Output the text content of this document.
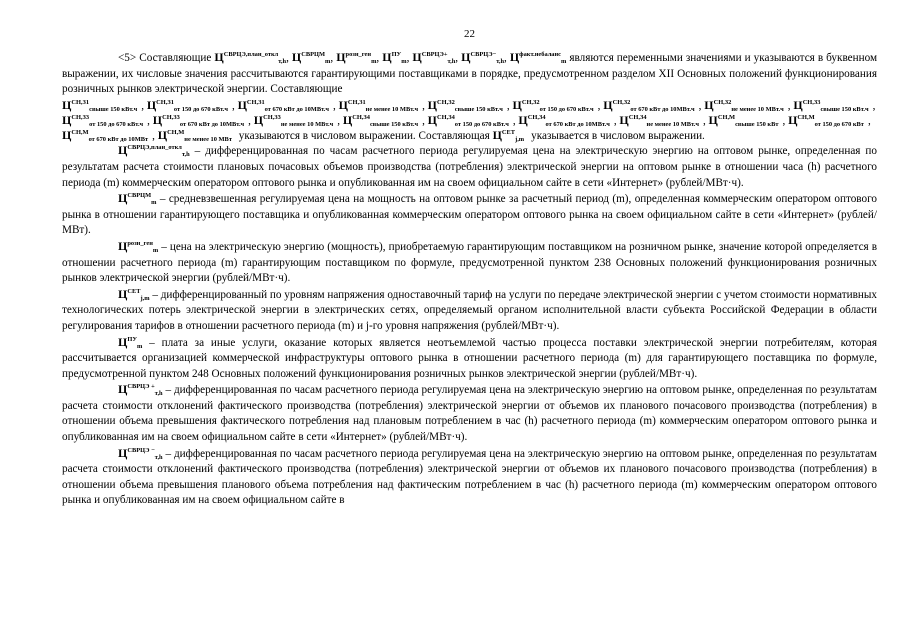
22

<5> Составляющие $Ц^{СВРЦЭ,план\_откл}_{т,h}$, $Ц^{СВРЦМ}_m$, $Ц^{розн\_ген}_m$, $Ц^{ПУ}_m$, $Ц^{СВРЦЭ+}_{т,h}$, $Ц^{СВРЦЭ-}_{т,h}$, $Ц^{факт.небаланс}_m$ являются переменными значениями и указываются в буквенном выражении, их числовые значения рассчитываются гарантирующими поставщиками в порядке, предусмотренном разделом XII Основных положений функционирования розничных рынков электрической энергии. Составляющие

$Ц^{СН,З1}_{свыше 150 кВт.ч}$ , $Ц^{СН,З1}_{от 150 до 670 кВт.ч}$ , $Ц^{СН,З1}_{от 670 кВт до 10МВт.ч}$ , $Ц^{СН,З1}_{не менее 10 МВт.ч}$ , $Ц^{СН,З2}_{свыше 150 кВт.ч}$ , $Ц^{СН,З2}_{от 150 до 670 кВт.ч}$ , $Ц^{СН,З2}_{от 670 кВт до 10МВт.ч}$ , $Ц^{СН,З2}_{не менее 10 МВт.ч}$ , $Ц^{СН,З3}_{свыше 150 кВт.ч}$ , $Ц^{СН,З3}_{от 150 до 670 кВт.ч}$ , $Ц^{СН,З3}_{от 670 кВт до 10МВт.ч}$ , $Ц^{СН,З3}_{не менее 10 МВт.ч}$ , $Ц^{СН,З4}_{свыше 150 кВт.ч}$ , $Ц^{СН,З4}_{от 150 до 670 кВт.ч}$ , $Ц^{СН,З4}_{от 670 кВт до 10МВт.ч}$ , $Ц^{СН,З4}_{не менее 10 МВт.ч}$ , $Ц^{СН,М}_{свыше 150 кВт}$ , $Ц^{СН,М}_{от 150 до 670 кВт}$ , $Ц^{СН,М}_{от 670 кВт до 10МВт}$ , $Ц^{СН,М}_{не менее 10 МВт}$ указываются в числовом выражении. Составляющая $Ц^{СЕТ}_{j,m}$ указывается в числовом выражении.

$Ц^{СВРЦЭ,план\_откл}_{т,h}$ – дифференцированная по часам расчетного периода регулируемая цена на электрическую энергию на оптовом рынке, определенная по результатам расчета стоимости плановых почасовых объемов производства (потребления) электрической энергии на оптовом рынке в отношении часа (h) расчетного периода (m) коммерческим оператором оптового рынка и опубликованная им на своем официальном сайте в сети «Интернет» (рублей/МВт·ч).

$Ц^{СВРЦМ}_m$ – средневзвешенная регулируемая цена на мощность на оптовом рынке за расчетный период (m), определенная коммерческим оператором оптового рынка в отношении гарантирующего поставщика и опубликованная коммерческим оператором оптового рынка на своем официальном сайте в сети «Интернет» (рублей/МВт).

$Ц^{розн\_ген}_m$ – цена на электрическую энергию (мощность), приобретаемую гарантирующим поставщиком на розничном рынке, значение которой определяется в отношении расчетного периода (m) гарантирующим поставщиком по формуле, предусмотренной пунктом 238 Основных положений функционирования розничных рынков электрической энергии (рублей/МВт·ч).

$Ц^{СЕТ}_{j,m}$ – дифференцированный по уровням напряжения одноставочный тариф на услуги по передаче электрической энергии с учетом стоимости нормативных технологических потерь электрической энергии в электрических сетях, определяемый органом исполнительной власти субъекта Российской Федерации в области регулирования тарифов в отношении расчетного периода (m) и j-го уровня напряжения (рублей/МВт·ч).

$Ц^{ПУ}_m$ – плата за иные услуги, оказание которых является неотъемлемой частью процесса поставки электрической энергии потребителям, которая рассчитывается организацией коммерческой инфраструктуры оптового рынка в отношении расчетного периода (m) для гарантирующего поставщика по формуле, предусмотренной пунктом 248 Основных положений функционирования розничных рынков электрической энергии (рублей/МВт·ч).

$Ц^{СВРЦЭ +}_{т,h}$ – дифференцированная по часам расчетного периода регулируемая цена на электрическую энергию на оптовом рынке, определенная по результатам расчета стоимости отклонений фактического производства (потребления) электрической энергии от объемов их планового почасового производства (потребления) в отношении объема превышения фактического потребления над плановым потреблением в час (h) расчетного периода (m) коммерческим оператором оптового рынка и опубликованная им на своем официальном сайте в сети «Интернет» (рублей/МВт·ч).

$Ц^{СВРЦЭ -}_{т,h}$ – дифференцированная по часам расчетного периода регулируемая цена на электрическую энергию на оптовом рынке, определенная по результатам расчета стоимости отклонений фактического производства (потребления) электрической энергии от объемов их планового почасового производства (потребления) в отношении объема превышения планового объема потребления над фактическим потреблением в час (h) расчетного периода (m) коммерческим оператором оптового рынка и опубликованная им на своем официальном сайте в
